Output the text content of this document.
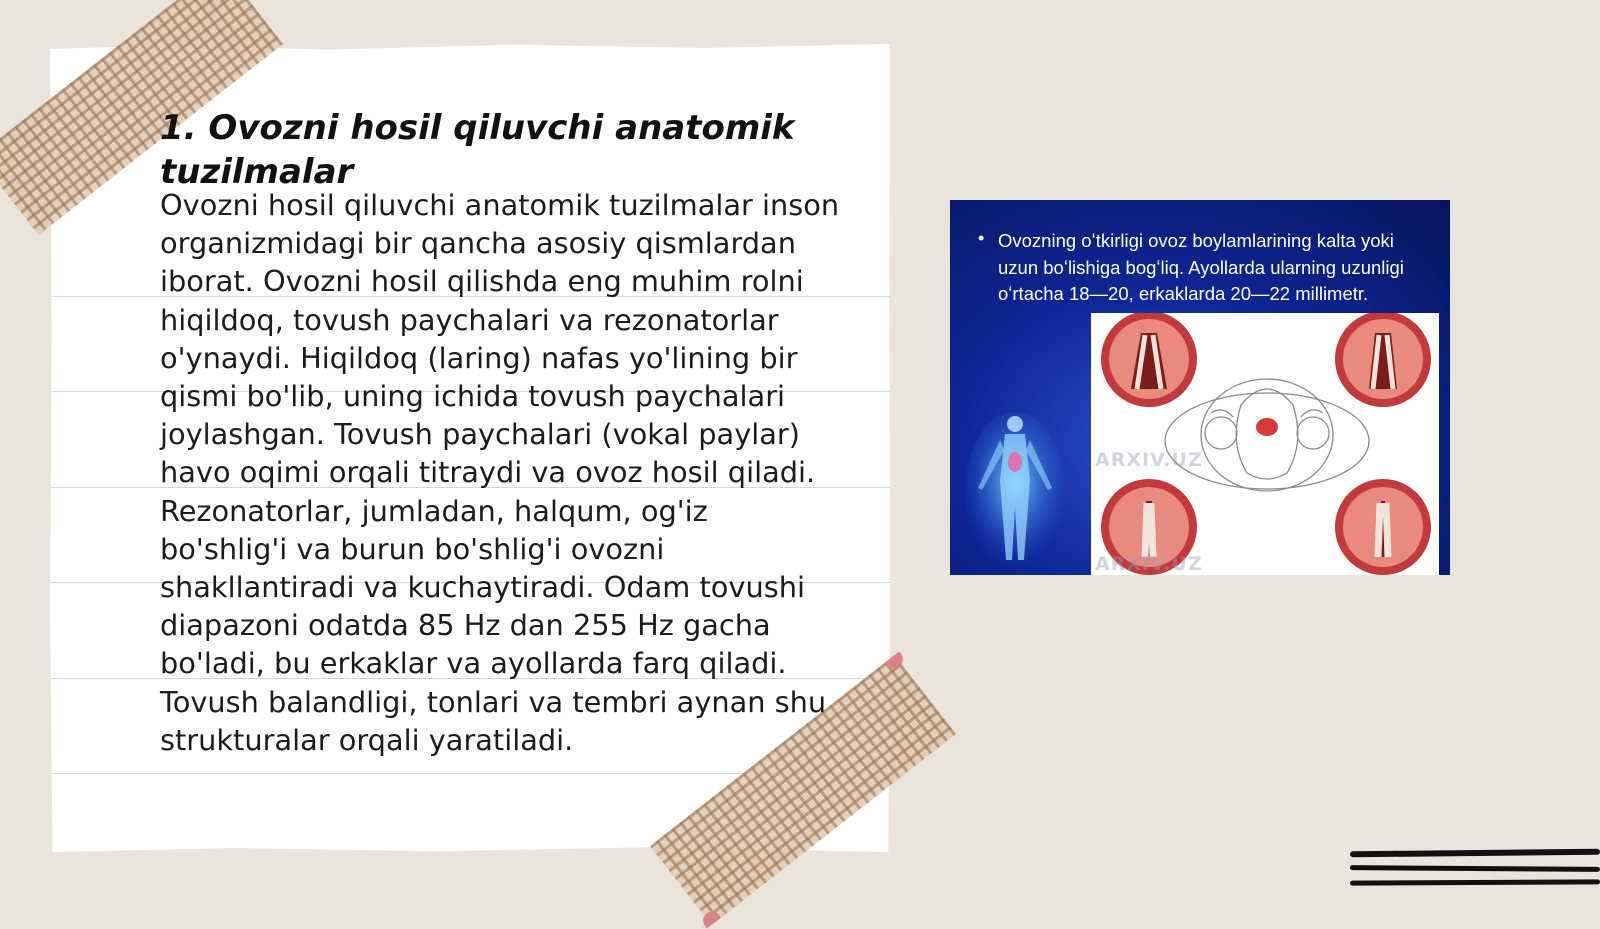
1. Ovozni hosil qiluvchi anatomik tuzilmalar

Ovozni hosil qiluvchi anatomik tuzilmalar inson organizmidagi bir qancha asosiy qismlardan iborat. Ovozni hosil qilishda eng muhim rolni hiqildoq, tovush paychalari va rezonatorlar o'ynaydi. Hiqildoq (laring) nafas yo'lining bir qismi bo'lib, uning ichida tovush paychalari joylashgan. Tovush paychalari (vokal paylar) havo oqimi orqali titraydi va ovoz hosil qiladi. Rezonatorlar, jumladan, halqum, og'iz bo'shlig'i va burun bo'shlig'i ovozni shakllantiradi va kuchaytiradi. Odam tovushi diapazoni odatda 85 Hz dan 255 Hz gacha bo'ladi, bu erkaklar va ayollarda farq qiladi. Tovush balandligi, tonlari va tembri aynan shu strukturalar orqali yaratiladi.

• Ovozning oʻtkirligi ovoz boylamlarining kalta yoki uzun boʻlishiga bogʻliq. Ayollarda ularning uzunligi oʻrtacha 18—20, erkaklarda 20—22 millimetr.
ARXIV.UZ
ARXIV.UZ
